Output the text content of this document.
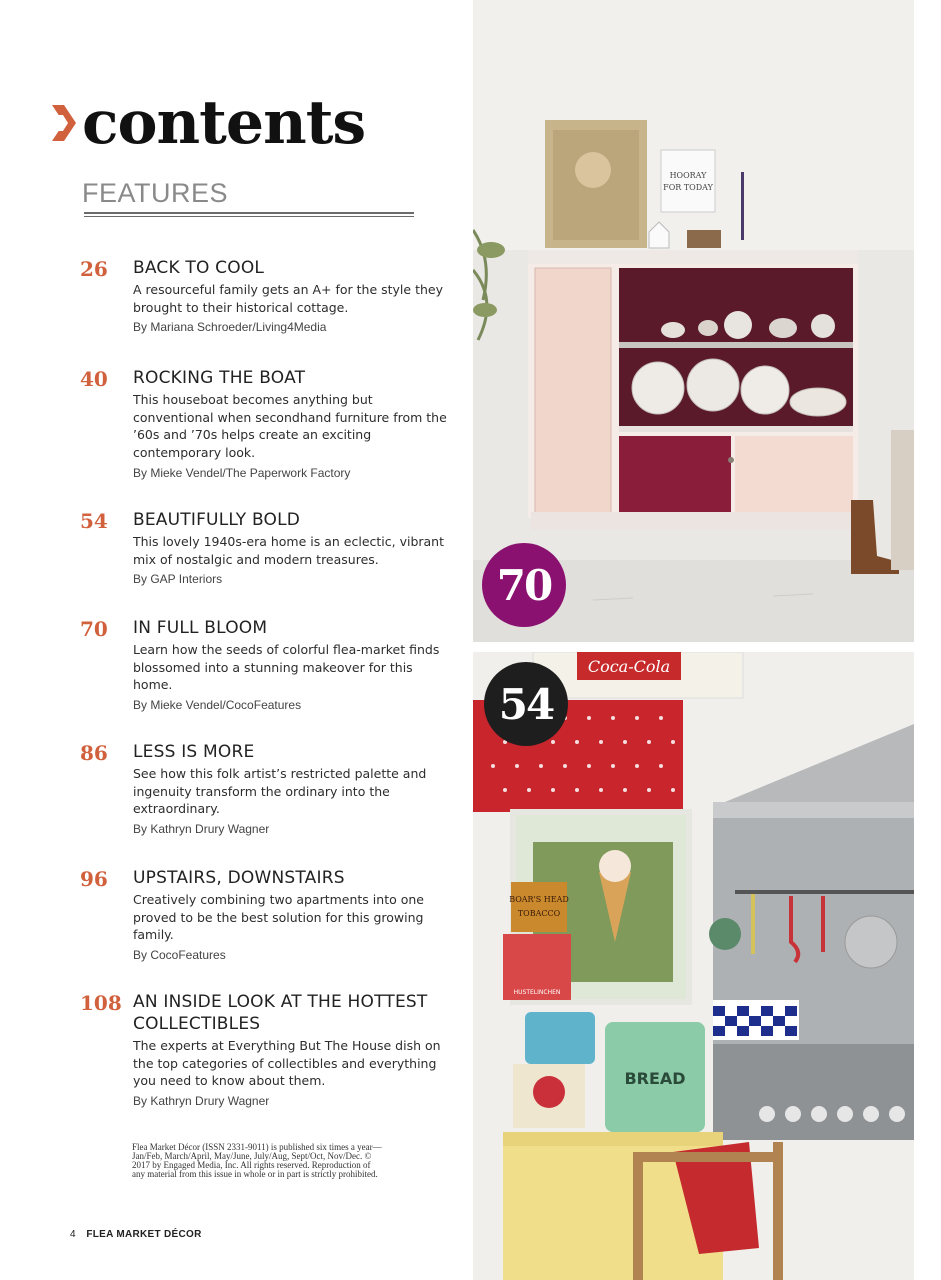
contents
FEATURES
26 BACK TO COOL
A resourceful family gets an A+ for the style they brought to their historical cottage.
By Mariana Schroeder/Living4Media
40 ROCKING THE BOAT
This houseboat becomes anything but conventional when secondhand furniture from the ’60s and ’70s helps create an exciting contemporary look.
By Mieke Vendel/The Paperwork Factory
54 BEAUTIFULLY BOLD
This lovely 1940s-era home is an eclectic, vibrant mix of nostalgic and modern treasures.
By GAP Interiors
70 IN FULL BLOOM
Learn how the seeds of colorful flea-market finds blossomed into a stunning makeover for this home.
By Mieke Vendel/CocoFeatures
86 LESS IS MORE
See how this folk artist’s restricted palette and ingenuity transform the ordinary into the extraordinary.
By Kathryn Drury Wagner
96 UPSTAIRS, DOWNSTAIRS
Creatively combining two apartments into one proved to be the best solution for this growing family.
By CocoFeatures
108 AN INSIDE LOOK AT THE HOTTEST COLLECTIBLES
The experts at Everything But The House dish on the top categories of collectibles and everything you need to know about them.
By Kathryn Drury Wagner
Flea Market Décor (ISSN 2331-9011) is published six times a year—Jan/Feb, March/April, May/June, July/Aug, Sept/Oct, Nov/Dec. © 2017 by Engaged Media, Inc. All rights reserved. Reproduction of any material from this issue in whole or in part is strictly prohibited.
4 FLEA MARKET DÉCOR
HOORAY
FOR TODAY
Coca-Cola
BOAR'S HEAD
TOBACCO
HUSTELINCHEN
BREAD
70
54
